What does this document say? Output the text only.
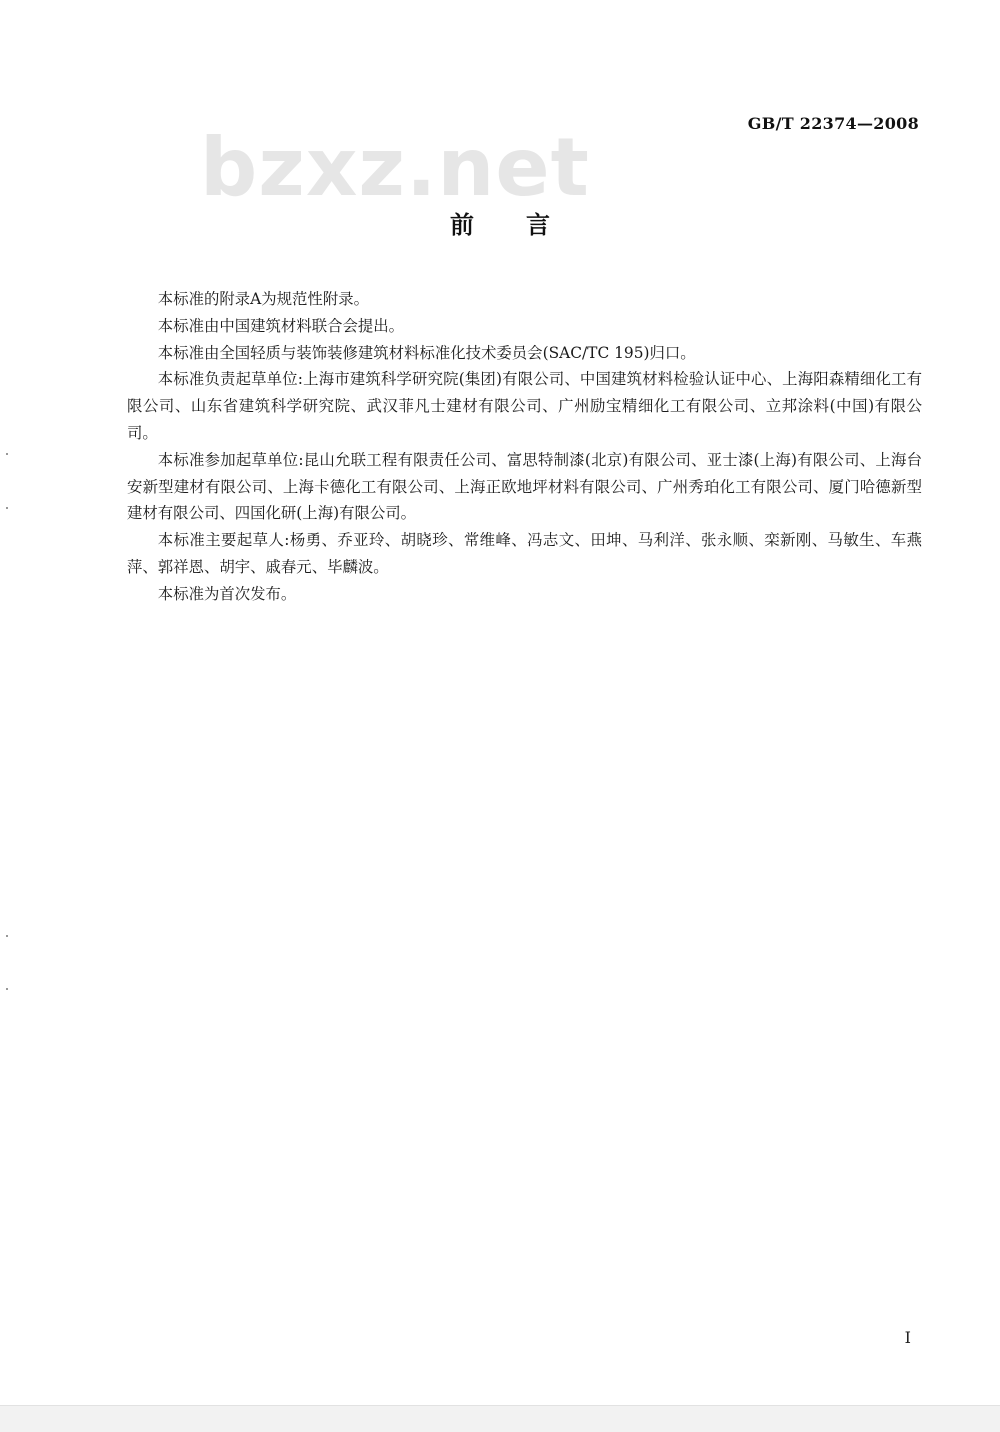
bzxz.net	GB/T 22374—2008
前言

本标准的附录A为规范性附录。

本标准由中国建筑材料联合会提出。

本标准由全国轻质与装饰装修建筑材料标准化技术委员会(SAC/TC 195)归口。

本标准负责起草单位:上海市建筑科学研究院(集团)有限公司、中国建筑材料检验认证中心、上海阳森精细化工有限公司、山东省建筑科学研究院、武汉菲凡士建材有限公司、广州励宝精细化工有限公司、立邦涂料(中国)有限公司。

本标准参加起草单位:昆山允联工程有限责任公司、富思特制漆(北京)有限公司、亚士漆(上海)有限公司、上海台安新型建材有限公司、上海卡德化工有限公司、上海正欧地坪材料有限公司、广州秀珀化工有限公司、厦门哈德新型建材有限公司、四国化研(上海)有限公司。

本标准主要起草人:杨勇、乔亚玲、胡晓珍、常维峰、冯志文、田坤、马利洋、张永顺、栾新刚、马敏生、车燕萍、郭祥恩、胡宇、戚春元、毕麟波。

本标准为首次发布。

I
